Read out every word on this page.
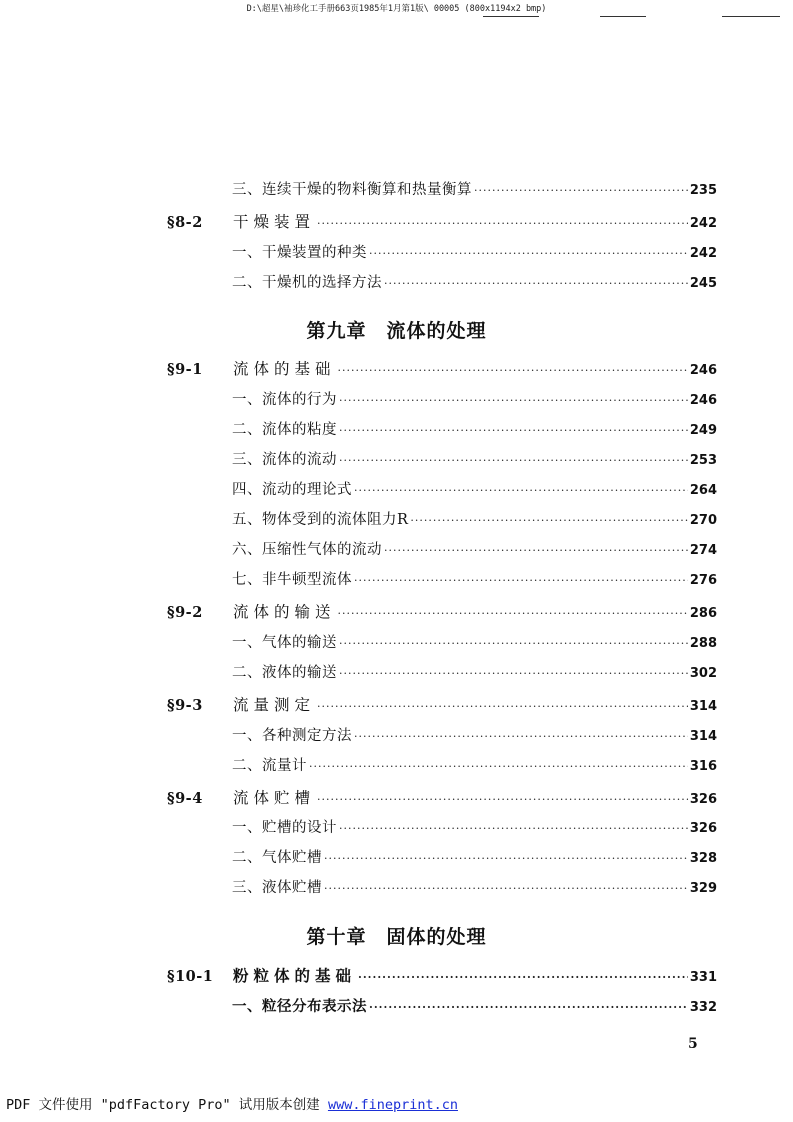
D:\超星\袖珍化工手册663页1985年1月第1版\ 00005 (800x1194x2 bmp)
三、连续干燥的物料衡算和热量衡算 ·····	235
§8-2	干燥装置 ·····	242
一、干燥装置的种类 ·····	242
二、干燥机的选择方法 ·····	245
第九章　流体的处理
§9-1	流体的基础 ·····	246
一、流体的行为 ·····	246
二、流体的粘度 ·····	249
三、流体的流动 ·····	253
四、流动的理论式 ·····	264
五、物体受到的流体阻力R ·····	270
六、压缩性气体的流动 ·····	274
七、非牛顿型流体 ·····	276
§9-2	流体的输送 ·····	286
一、气体的输送 ·····	288
二、液体的输送 ·····	302
§9-3	流量测定 ·····	314
一、各种测定方法 ·····	314
二、流量计 ·····	316
§9-4	流体贮槽 ·····	326
一、贮槽的设计 ·····	326
二、气体贮槽 ·····	328
三、液体贮槽 ·····	329
第十章　固体的处理
§10-1	粉粒体的基础 ·····	331
一、粒径分布表示法 ·····	332
5
PDF 文件使用 "pdfFactory Pro" 试用版本创建 www.fineprint.cn
